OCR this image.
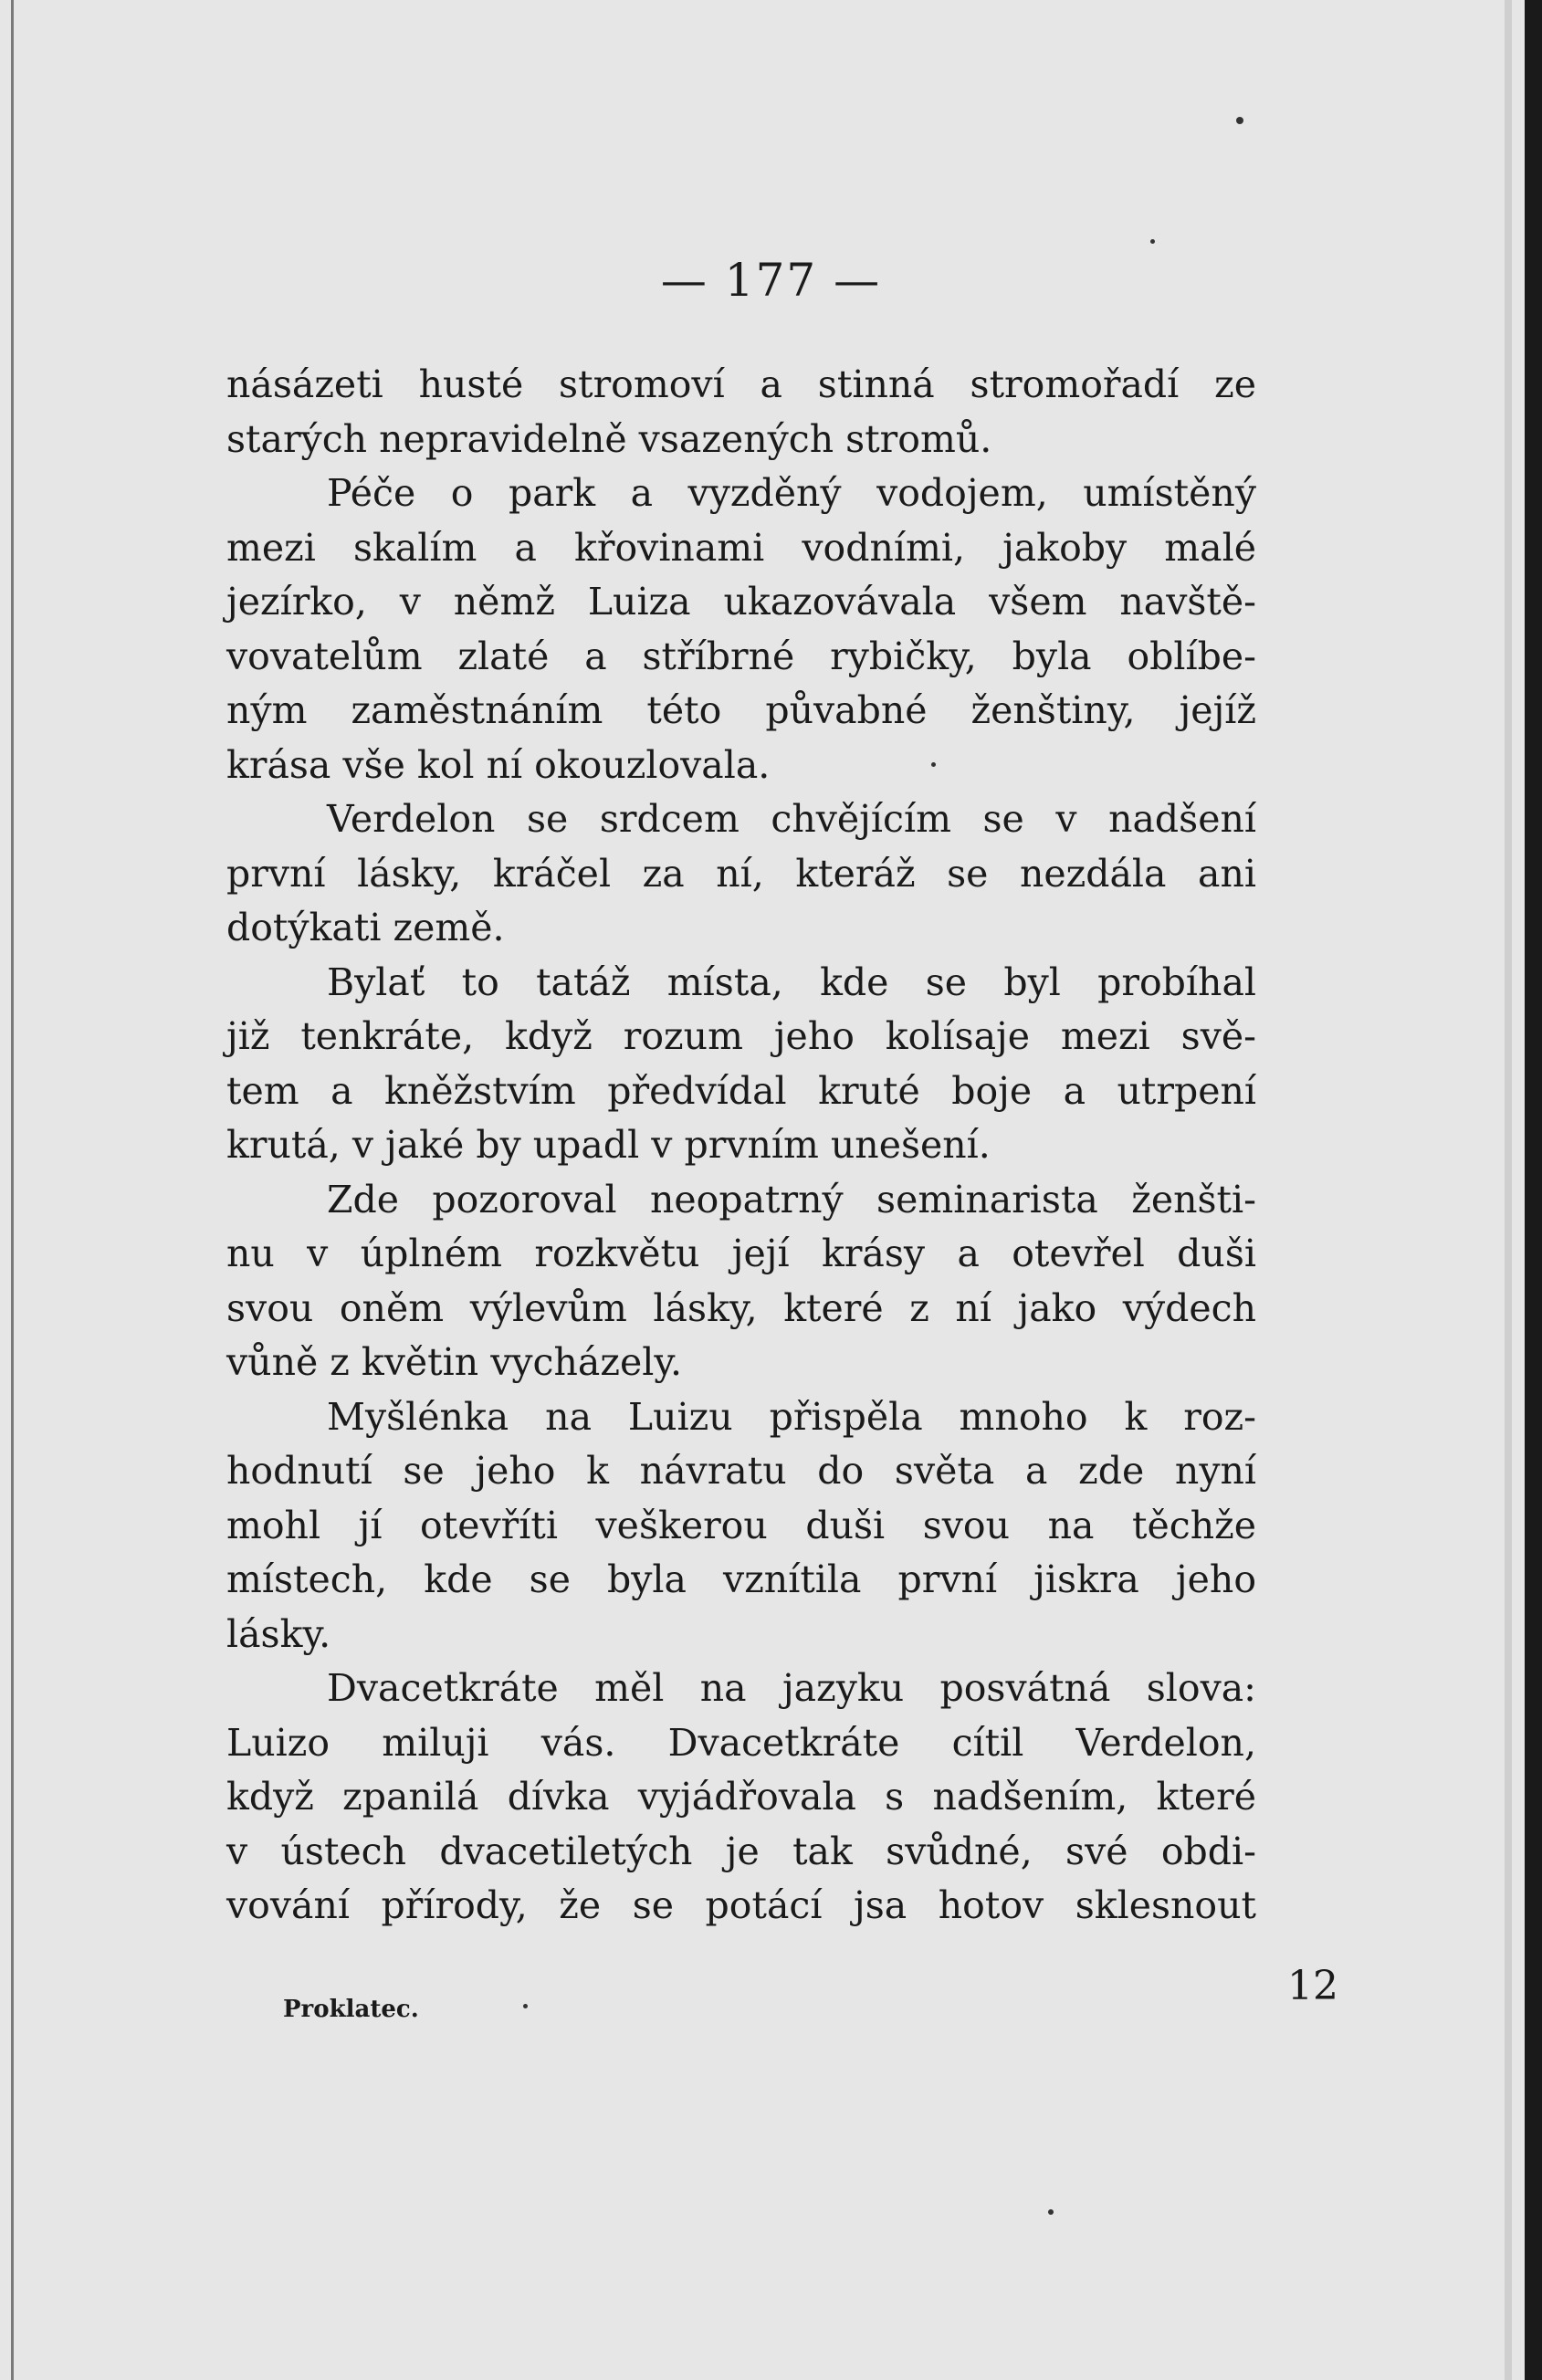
— 177 —
násázeti husté stromoví a stinná stromořadí ze
starých nepravidelně vsazených stromů.
Péče o park a vyzděný vodojem, umístěný
mezi skalím a křovinami vodními, jakoby malé
jezírko, v němž Luiza ukazovávala všem navště-
vovatelům zlaté a stříbrné rybičky, byla oblíbe-
ným zaměstnáním této půvabné ženštiny, jejíž
krása vše kol ní okouzlovala.
Verdelon se srdcem chvějícím se v nadšení
první lásky, kráčel za ní, kteráž se nezdála ani
dotýkati země.
Bylať to tatáž místa, kde se byl probíhal
již tenkráte, když rozum jeho kolísaje mezi svě-
tem a kněžstvím předvídal kruté boje a utrpení
krutá, v jaké by upadl v prvním unešení.
Zde pozoroval neopatrný seminarista ženšti-
nu v úplném rozkvětu její krásy a otevřel duši
svou oněm výlevům lásky, které z ní jako výdech
vůně z květin vycházely.
Myšlénka na Luizu přispěla mnoho k roz-
hodnutí se jeho k návratu do světa a zde nyní
mohl jí otevříti veškerou duši svou na těchže
místech, kde se byla vznítila první jiskra jeho
lásky.
Dvacetkráte měl na jazyku posvátná slova:
Luizo miluji vás. Dvacetkráte cítil Verdelon,
když zpanilá dívka vyjádřovala s nadšením, které
v ústech dvacetiletých je tak svůdné, své obdi-
vování přírody, že se potácí jsa hotov sklesnout
Proklatec.	12
